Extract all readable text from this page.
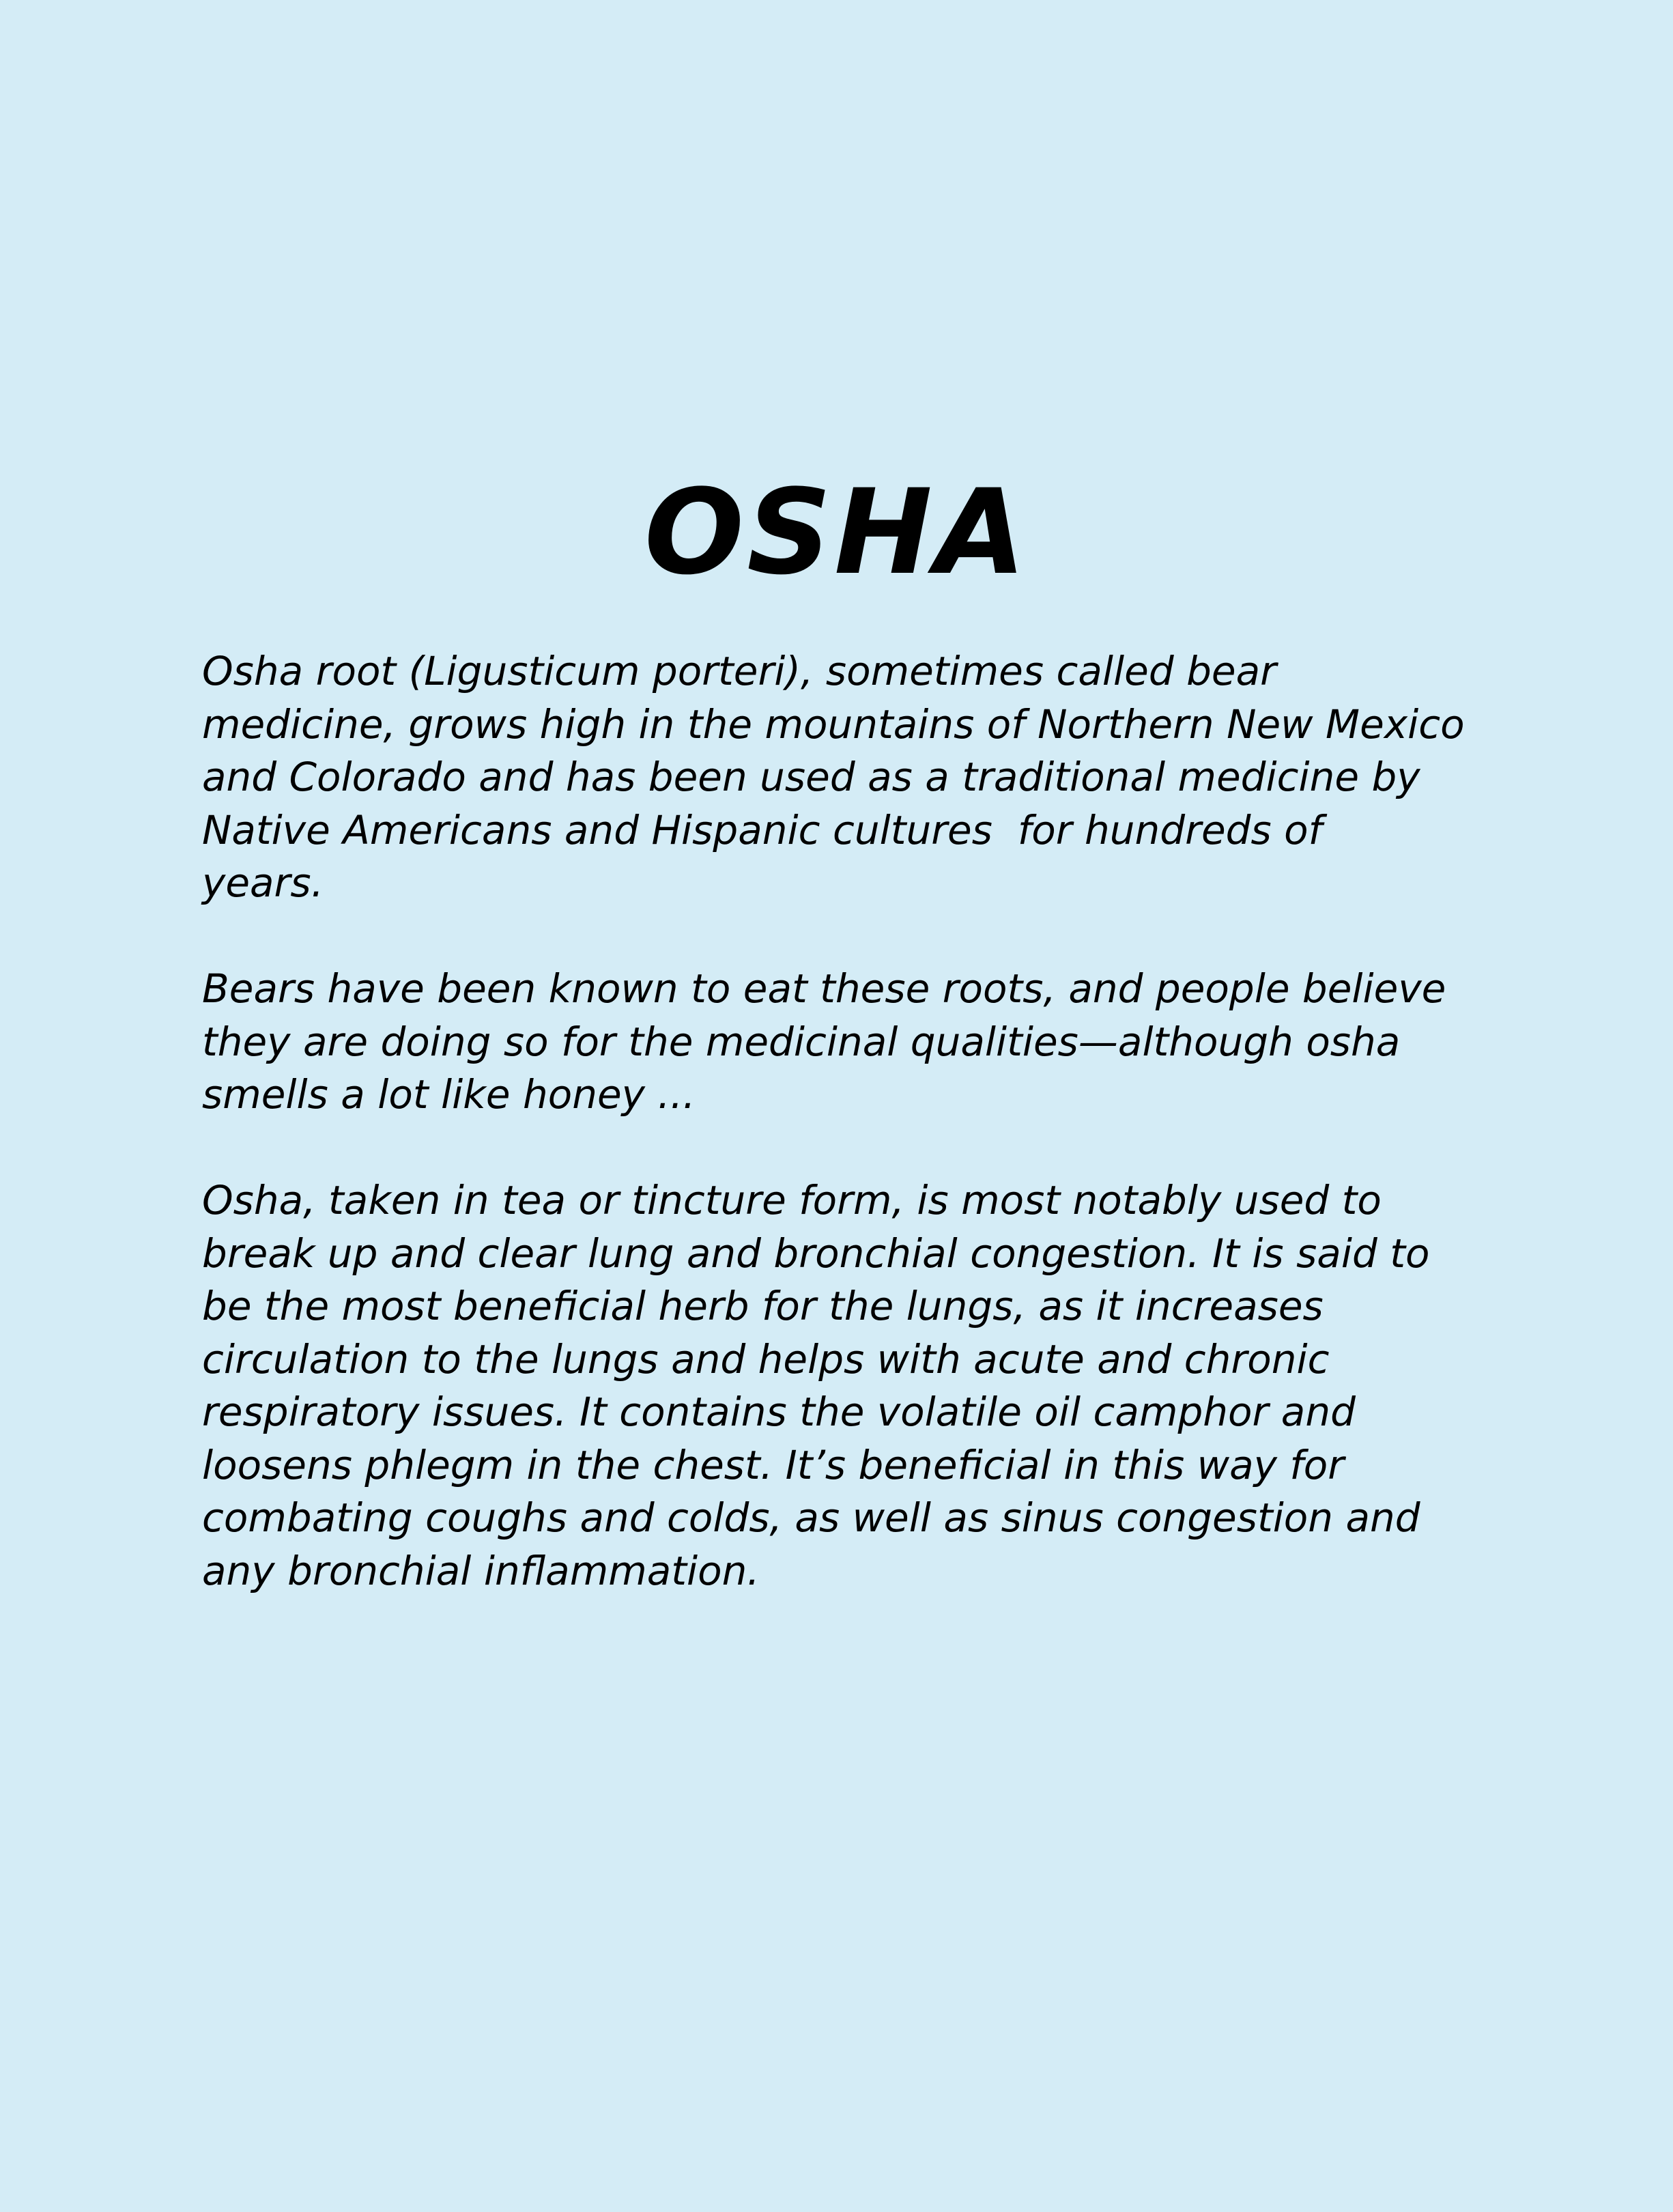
OSHA

Osha root (Ligusticum porteri), sometimes called bear
medicine, grows high in the mountains of Northern New Mexico
and Colorado and has been used as a traditional medicine by
Native Americans and Hispanic cultures  for hundreds of
years.

Bears have been known to eat these roots, and people believe
they are doing so for the medicinal qualities—although osha
smells a lot like honey ...

Osha, taken in tea or tincture form, is most notably used to
break up and clear lung and bronchial congestion. It is said to
be the most beneficial herb for the lungs, as it increases
circulation to the lungs and helps with acute and chronic
respiratory issues. It contains the volatile oil camphor and
loosens phlegm in the chest. It’s beneficial in this way for
combating coughs and colds, as well as sinus congestion and
any bronchial inflammation.
